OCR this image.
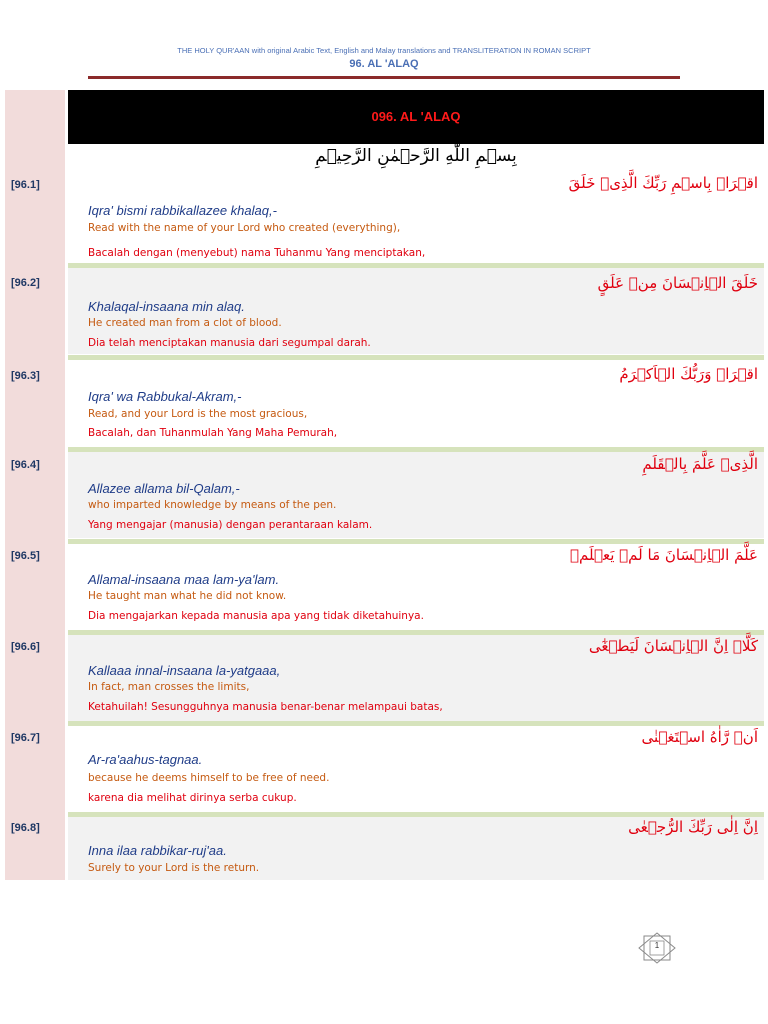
THE HOLY QUR'AAN with original Arabic Text, English and Malay translations and TRANSLITERATION IN ROMAN SCRIPT
96. AL 'ALAQ
096. AL 'ALAQ
بِسۡمِ اللّٰهِ الرَّحۡمٰنِ الرَّحِيۡمِ
[96.1]	اقۡرَاۡ بِاسۡمِ رَبِّكَ الَّذِىۡ خَلَقَ
Iqra' bismi rabbikallazee khalaq,-
Read with the name of your Lord who created (everything),
Bacalah dengan (menyebut) nama Tuhanmu Yang menciptakan,
[96.2]	خَلَقَ الۡاِنۡسَانَ مِنۡ عَلَقٍ
Khalaqal-insaana min alaq.
He created man from a clot of blood.
Dia telah menciptakan manusia dari segumpal darah.
[96.3]	اقۡرَاۡ وَرَبُّكَ الۡاَكۡرَمُ
Iqra' wa Rabbukal-Akram,-
Read, and your Lord is the most gracious,
Bacalah, dan Tuhanmulah Yang Maha Pemurah,
[96.4]	الَّذِىۡ عَلَّمَ بِالۡقَلَمِ
Allazee allama bil-Qalam,-
who imparted knowledge by means of the pen.
Yang mengajar (manusia) dengan perantaraan kalam.
[96.5]	عَلَّمَ الۡاِنۡسَانَ مَا لَمۡ يَعۡلَمۡ
Allamal-insaana maa lam-ya'lam.
He taught man what he did not know.
Dia mengajarkan kepada manusia apa yang tidak diketahuinya.
[96.6]	كَلَّاۤ اِنَّ الۡاِنۡسَانَ لَيَطۡغٰٓى
Kallaaa innal-insaana la-yatgaaa,
In fact, man crosses the limits,
Ketahuilah! Sesungguhnya manusia benar-benar melampaui batas,
[96.7]	اَنۡ رَّاٰهُ اسۡتَغۡنٰى
Ar-ra'aahus-tagnaa.
because he deems himself to be free of need.
karena dia melihat dirinya serba cukup.
[96.8]	اِنَّ اِلٰى رَبِّكَ الرُّجۡعٰى
Inna ilaa rabbikar-ruj'aa.
Surely to your Lord is the return.
1
